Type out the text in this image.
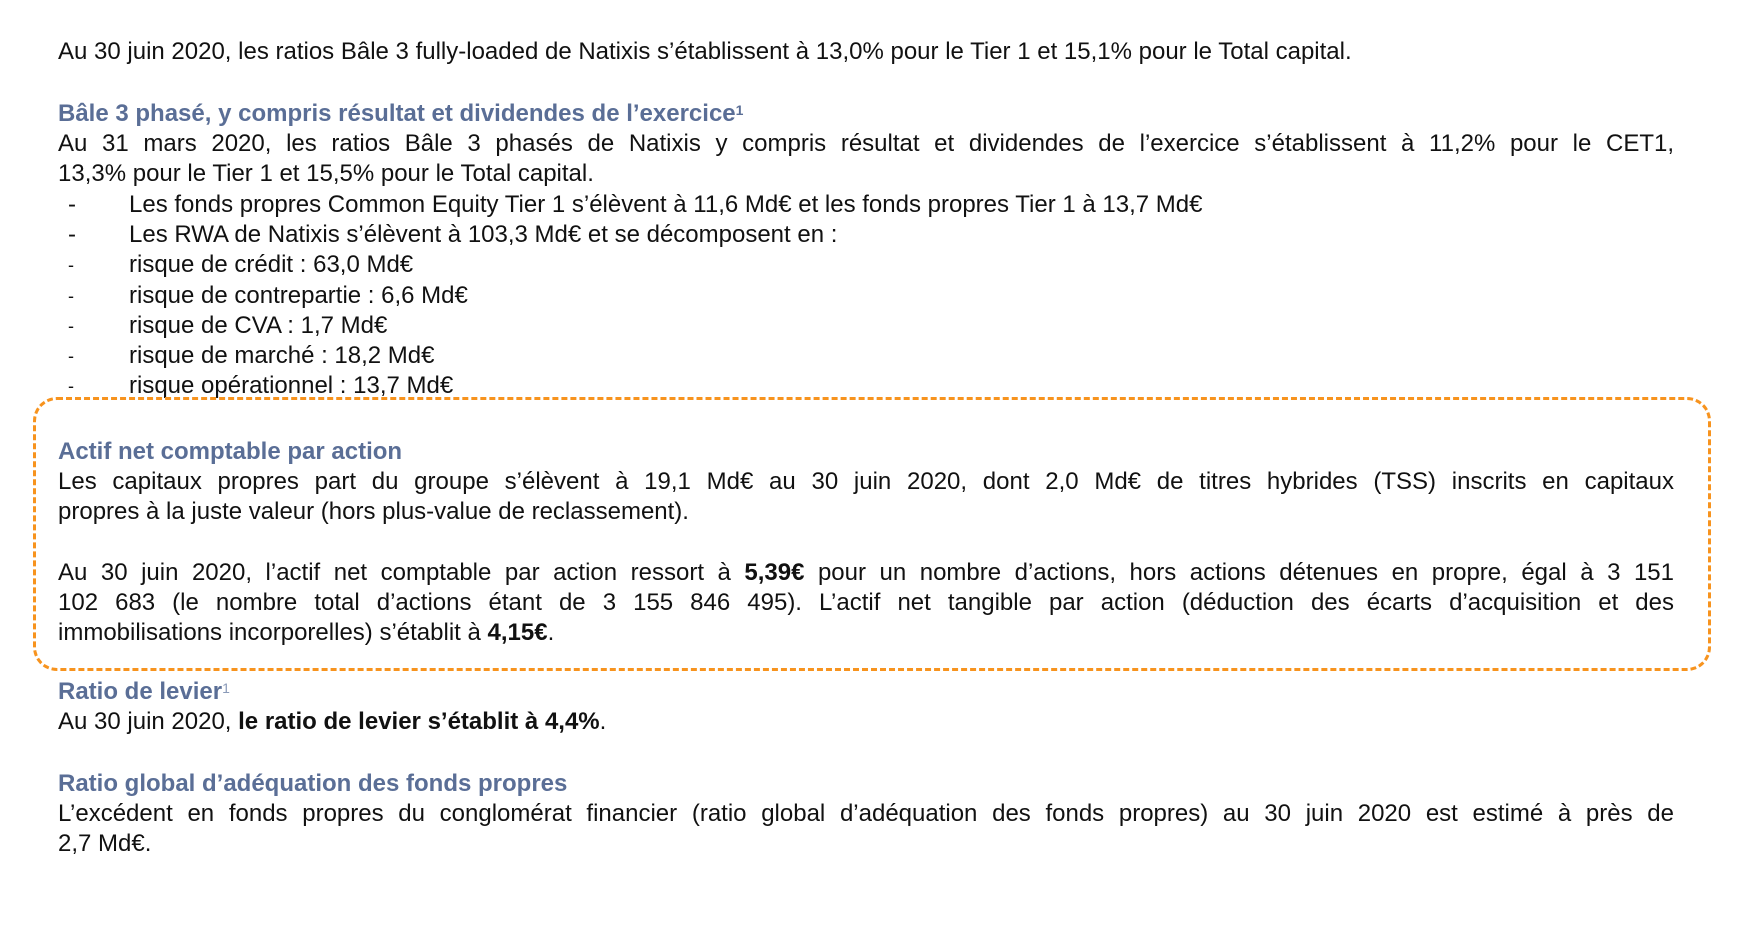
Au 30 juin 2020, les ratios Bâle 3 fully-loaded de Natixis s’établissent à 13,0% pour le Tier 1 et 15,1% pour le Total capital.
Bâle 3 phasé, y compris résultat et dividendes de l’exercice$^1$
Au 31 mars 2020, les ratios Bâle 3 phasés de Natixis y compris résultat et dividendes de l’exercice s’établissent à 11,2% pour le CET1,
13,3% pour le Tier 1 et 15,5% pour le Total capital.
- Les fonds propres Common Equity Tier 1 s’élèvent à 11,6 Md€ et les fonds propres Tier 1 à 13,7 Md€
- Les RWA de Natixis s’élèvent à 103,3 Md€ et se décomposent en :
- risque de crédit : 63,0 Md€
- risque de contrepartie : 6,6 Md€
- risque de CVA : 1,7 Md€
- risque de marché : 18,2 Md€
- risque opérationnel : 13,7 Md€
Actif net comptable par action
Les capitaux propres part du groupe s’élèvent à 19,1 Md€ au 30 juin 2020, dont 2,0 Md€ de titres hybrides (TSS) inscrits en capitaux
propres à la juste valeur (hors plus-value de reclassement).
Au 30 juin 2020, l’actif net comptable par action ressort à 5,39€ pour un nombre d’actions, hors actions détenues en propre, égal à 3 151
102 683 (le nombre total d’actions étant de 3 155 846 495). L’actif net tangible par action (déduction des écarts d’acquisition et des
immobilisations incorporelles) s’établit à 4,15€.
Ratio de levier$^1$
Au 30 juin 2020, le ratio de levier s’établit à 4,4%.
Ratio global d’adéquation des fonds propres
L’excédent en fonds propres du conglomérat financier (ratio global d’adéquation des fonds propres) au 30 juin 2020 est estimé à près de
2,7 Md€.
